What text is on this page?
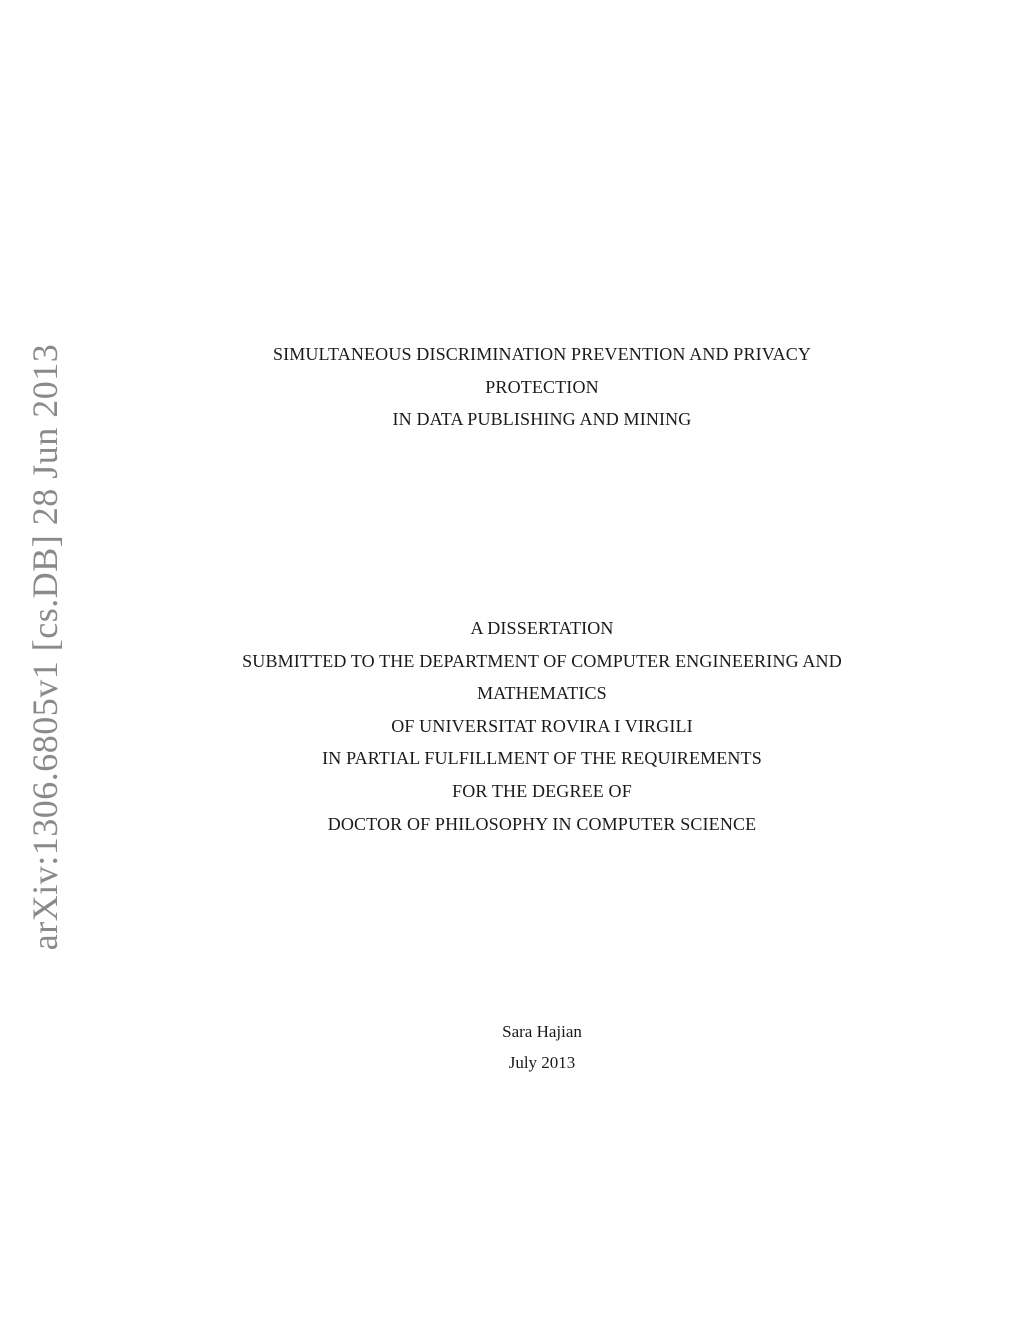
arXiv:1306.6805v1 [cs.DB] 28 Jun 2013	SIMULTANEOUS DISCRIMINATION PREVENTION AND PRIVACY
PROTECTION
IN DATA PUBLISHING AND MINING
A DISSERTATION
SUBMITTED TO THE DEPARTMENT OF COMPUTER ENGINEERING AND
MATHEMATICS
OF UNIVERSITAT ROVIRA I VIRGILI
IN PARTIAL FULFILLMENT OF THE REQUIREMENTS
FOR THE DEGREE OF
DOCTOR OF PHILOSOPHY IN COMPUTER SCIENCE
Sara Hajian
July 2013
